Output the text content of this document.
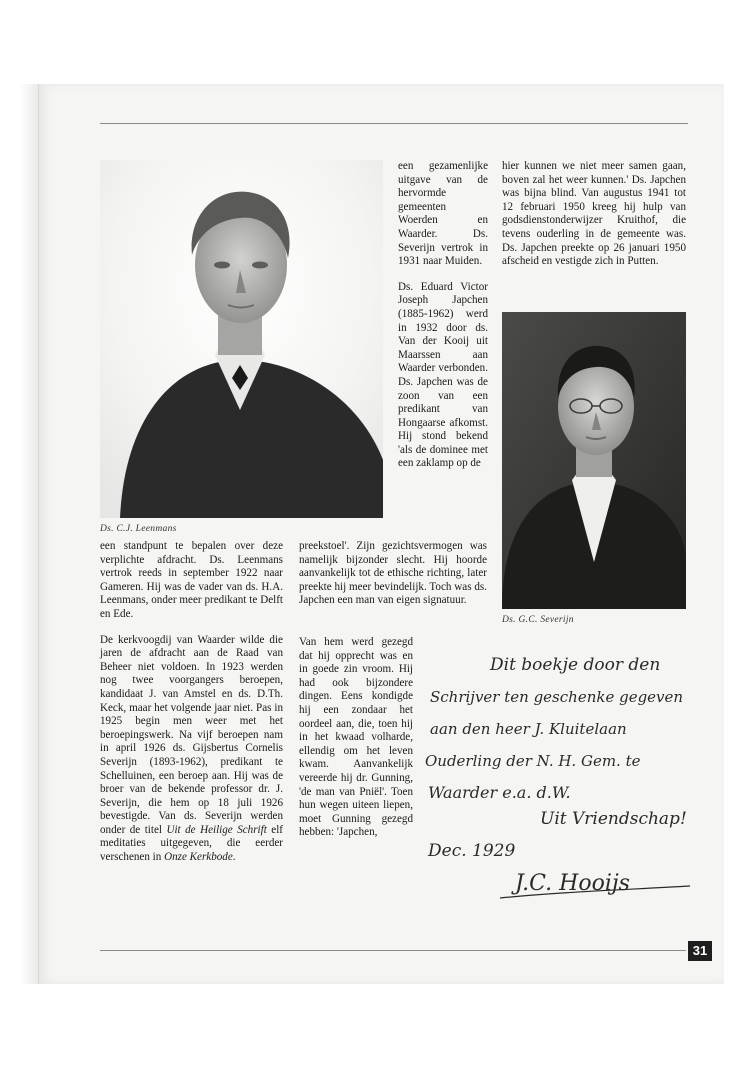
Ds. C.J. Leenmans
Ds. G.C. Severijn

een standpunt te bepalen over deze verplichte afdracht. Ds. Leenmans vertrok reeds in september 1922 naar Gameren. Hij was de vader van ds. H.A. Leenmans, onder meer predikant te Delft en Ede.

De kerkvoogdij van Waarder wilde die jaren de afdracht aan de Raad van Beheer niet voldoen. In 1923 werden nog twee voorgangers beroepen, kandidaat J. van Amstel en ds. D.Th. Keck, maar het volgende jaar niet. Pas in 1925 begin men weer met het beroepingswerk. Na vijf beroepen nam in april 1926 ds. Gijsbertus Cornelis Severijn (1893-1962), predikant te Schelluinen, een beroep aan. Hij was de broer van de bekende professor dr. J. Severijn, die hem op 18 juli 1926 bevestigde. Van ds. Severijn werden onder de titel Uit de Heilige Schrift elf meditaties uitgegeven, die eerder verschenen in Onze Kerkbode.

een gezamenlijke uitgave van de hervormde gemeenten Woerden en Waarder. Ds. Severijn vertrok in 1931 naar Muiden.

Ds. Eduard Victor Joseph Japchen (1885-1962) werd in 1932 door ds. Van der Kooij uit Maarssen aan Waarder verbonden. Ds. Japchen was de zoon van een predikant van Hongaarse afkomst. Hij stond bekend 'als de dominee met een zaklamp op de

preekstoel'. Zijn gezichtsvermogen was namelijk bijzonder slecht. Hij hoorde aanvankelijk tot de ethische richting, later preekte hij meer bevindelijk. Toch was ds. Japchen een man van eigen signatuur.
Van hem werd gezegd dat hij opprecht was en in goede zin vroom. Hij had ook bijzondere dingen. Eens kondigde hij een zondaar het oordeel aan, die, toen hij in het kwaad volharde, ellendig om het leven kwam. Aanvankelijk vereerde hij dr. Gunning, 'de man van Pniël'. Toen hun wegen uiteen liepen, moet Gunning gezegd hebben: 'Japchen,
hier kunnen we niet meer samen gaan, boven zal het weer kunnen.' Ds. Japchen was bijna blind. Van augustus 1941 tot 12 februari 1950 kreeg hij hulp van godsdienstonderwijzer Kruithof, die tevens ouderling in de gemeente was. Ds. Japchen preekte op 26 januari 1950 afscheid en vestigde zich in Putten.
Dit boekje door den
Schrijver ten geschenke gegeven
aan den heer J. Kluitelaan
Ouderling der N. H. Gem. te
Waarder e.a. d.W.
Uit Vriendschap!
Dec. 1929
J.C. Hooijs
31
